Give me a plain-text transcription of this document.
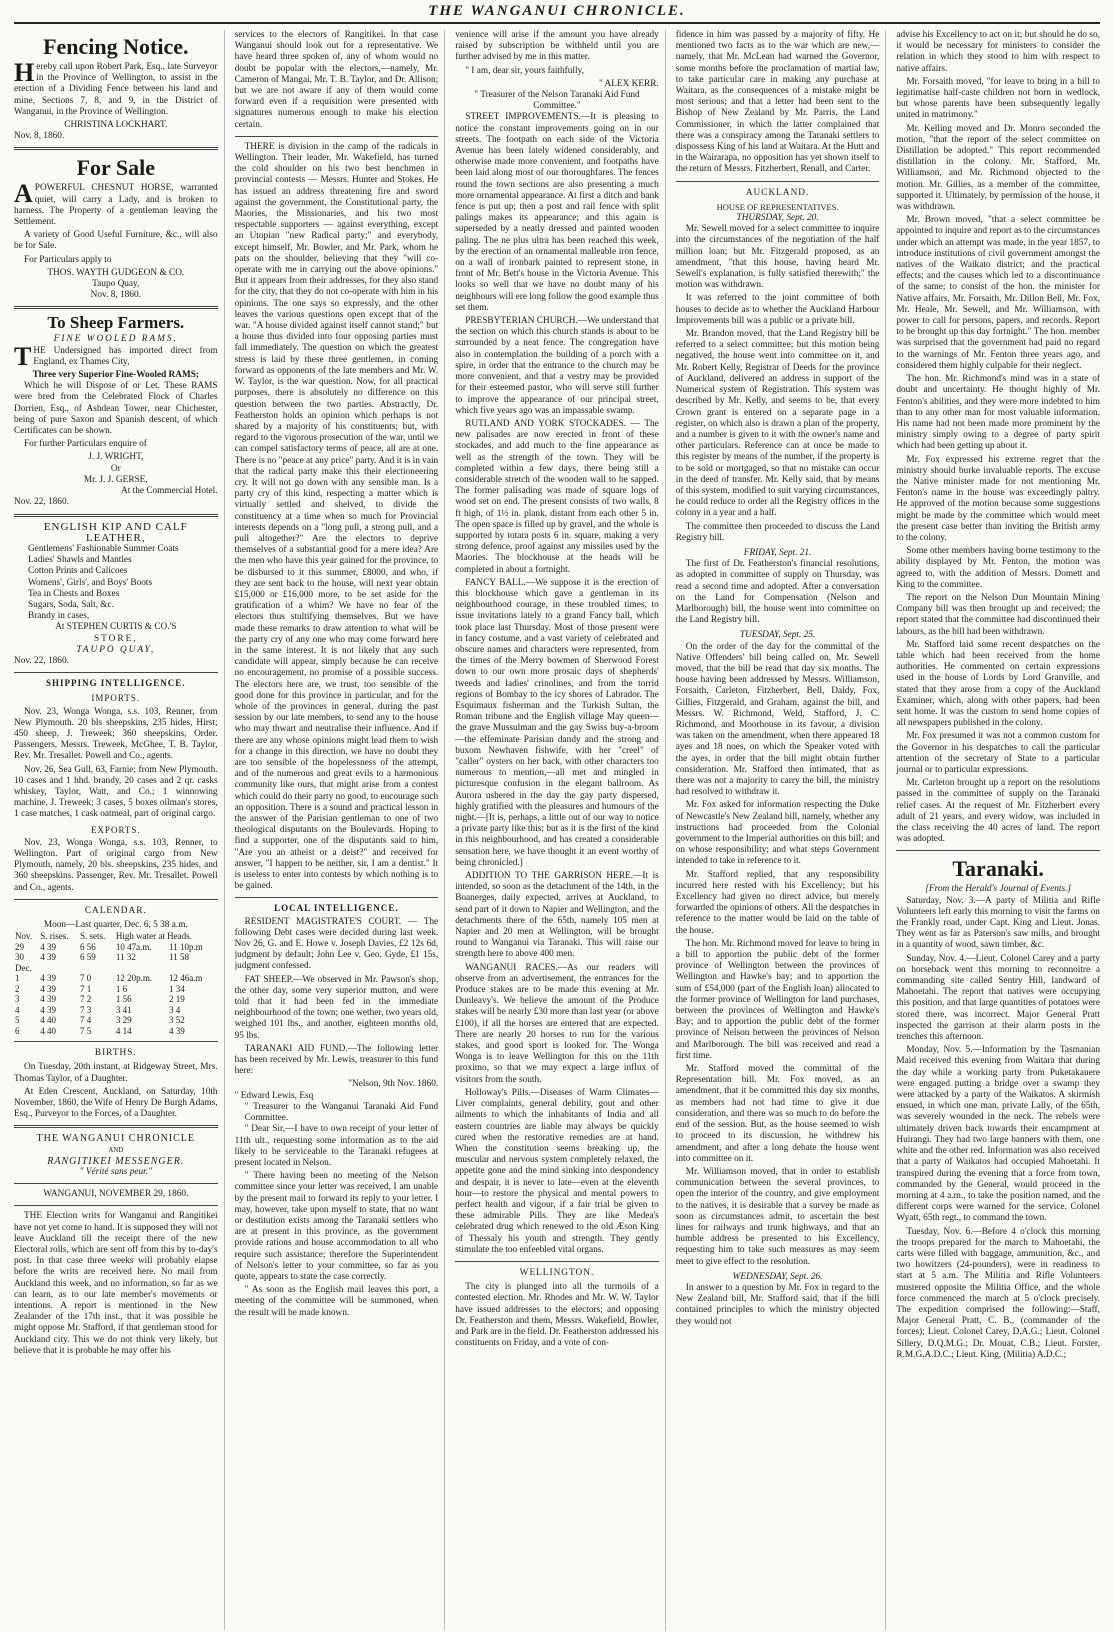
THE WANGANUI CHRONICLE.
Fencing Notice.

Hereby call upon Robert Park, Esq., late Surveyor in the Province of Wellington, to assist in the erection of a Dividing Fence between his land and mine, Sections 7, 8, and 9, in the District of Wanganui, in the Province of Wellington.

CHRISTINA LOCKHART.
Nov. 8, 1860.
For Sale

APOWERFUL CHESNUT HORSE, warranted quiet, will carry a Lady, and is broken to harness. The Property of a gentleman leaving the Settlement.

A variety of Good Useful Furniture, &c., will also be for Sale.

For Particulars apply to

THOS. WAYTH GUDGEON & CO.
Taupo Quay,
Nov. 8, 1860.
To Sheep Farmers.
FINE WOOLED RAMS.

THE Undersigned has imported direct from England, ex Thames City,

Three very Superior Fine-Wooled RAMS;

Which he will Dispose of or Let. These RAMS were bred from the Celebrated Flock of Charles Dorrien, Esq., of Ashdean Tower, near Chichester, being of pure Saxon and Spanish descent, of which Certificates can be shown.

For further Particulars enquire of

J. J. WRIGHT,
Or
Mr. J. J. GERSE,
At the Commercial Hotel.
Nov. 22, 1860.
ENGLISH KIP AND CALF LEATHER,
Gentlemens' Fashionable Summer Coats
Ladies' Shawls and Mantles
Cotton Prints and Calicoes
Womens', Girls', and Boys' Boots
Tea in Chests and Boxes
Sugars, Soda, Salt, &c.
Brandy in cases,
At STEPHEN CURTIS & CO.'S
STORE,
TAUPO QUAY,
Nov. 22, 1860.
SHIPPING INTELLIGENCE.
IMPORTS.

Nov. 23, Wonga Wonga, s.s. 103, Renner, from New Plymouth. 20 bls sheepskins, 235 hides, Hirst; 450 sheep, J. Treweek; 360 sheepskins, Order. Passengers, Messrs. Treweek, McGhee, T. B. Taylor, Rev. Mr. Tresallet. Powell and Co., agents.

Nov. 26, Sea Gull, 63, Farnie; from New Plymouth. 10 cases and 1 hhd. brandy, 20 cases and 2 qr. casks whiskey, Taylor, Watt, and Co.; 1 winnowing machine, J. Treweek; 3 cases, 5 boxes oilman's stores, 1 case matches, 1 cask oatmeal, part of original cargo.

EXPORTS.

Nov. 23, Wonga Wonga, s.s. 103, Renner, to Wellington. Part of original cargo from New Plymouth, namely, 20 bls. sheepskins, 235 hides, and 360 sheepskins. Passenger, Rev. Mr. Tresallet. Powell and Co., agents.

CALENDAR.
Moon—Last quarter, Dec. 6, 5 38 a.m.
Nov.	S. rises.	S. sets.	High water at Heads.	
29	4 39	6 56	10 47a.m.	11 10p.m
30	4 39	6 59	11 32	11 58
Dec.				
1	4 39	7 0	12 20p.m.	12 46a.m
2	4 39	7 1	1 6	1 34
3	4 39	7 2	1 56	2 19
4	4 39	7 3	3 41	3 4
5	4 40	7 4	3 29	3 52
6	4 40	7 5	4 14	4 39
BIRTHS.

On Tuesday, 20th instant, at Ridgeway Street, Mrs. Thomas Taylor, of a Daughter.

At Eden Crescent, Auckland, on Saturday, 10th November, 1860, the Wife of Henry De Burgh Adams, Esq., Purveyor to the Forces, of a Daughter.

THE WANGANUI CHRONICLE
AND
RANGITIKEI MESSENGER.
" Vérité sans peur."
WANGANUI, NOVEMBER 29, 1860.

THE Election writs for Wanganui and Rangitikei have not yet come to hand. It is supposed they will not leave Auckland till the receipt there of the new Electoral rolls, which are sent off from this by to-day's post. In that case three weeks will probably elapse before the writs are received here. No mail from Auckland this week, and no information, so far as we can learn, as to our late member's movements or intentions. A report is mentioned in the New Zealander of the 17th inst., that it was possible he might oppose Mr. Stafford, if that gentleman stood for Auckland city. This we do not think very likely, but believe that it is probable he may offer his

services to the electors of Rangitikei. In that case Wanganui should look out for a representative. We have heard three spoken of, any of whom would no doubt be popular with the electors,—namely, Mr. Cameron of Mangai, Mr. T. B. Taylor, and Dr. Allison; but we are not aware if any of them would come forward even if a requisition were presented with signatures numerous enough to make his election certain.

THERE is division in the camp of the radicals in Wellington. Their leader, Mr. Wakefield, has turned the cold shoulder on his two best henchmen in provincial contests — Messrs. Hunter and Stokes. He has issued an address threatening fire and sword against the government, the Constitutional party, the Maories, the Missionaries, and his two most respectable supporters — against everything, except an Utopian "new Radical party;" and everybody, except himself, Mr. Bowler, and Mr. Park, whom he pats on the shoulder, believing that they "will co-operate with me in carrying out the above opinions." But it appears from their addresses, for they also stand for the city, that they do not co-operate with him in his opinions. The one says so expressly, and the other leaves the various questions open except that of the war. "A house divided against itself cannot stand;" but a house thus divided into four opposing parties must fall immediately. The question on which the greatest stress is laid by these three gentlemen, in coming forward as opponents of the late members and Mr. W. W. Taylor, is the war question. Now, for all practical purposes, there is absolutely no difference on this question between the two parties. Abstractly, Dr. Featherston holds an opinion which perhaps is not shared by a majority of his constituents; but, with regard to the vigorous prosecution of the war, until we can compel satisfactory terms of peace, all are at one. There is no "peace at any price" party. And it is in vain that the radical party make this their electioneering cry. It will not go down with any sensible man. Is a party cry of this kind, respecting a matter which is virtually settled and shelved, to divide the constituency at a time when so much for Provincial interests depends on a "long pull, a strong pull, and a pull altogether?" Are the electors to deprive themselves of a substantial good for a mere idea? Are the men who have this year gained for the province, to be disbursed to it this summer, £8000, and who, if they are sent back to the house, will next year obtain £15,000 or £16,000 more, to be set aside for the gratification of a whim? We have no fear of the electors thus stultifying themselves. But we have made these remarks to draw attention to what will be the party cry of any one who may come forward here in the same interest. It is not likely that any such candidate will appear, simply because he can receive no encouragement, no promise of a possible success. The electors here are, we trust, too sensible of the good done for this province in particular, and for the whole of the provinces in general, during the past session by our late members, to send any to the house who may thwart and neutralise their influence. And if there are any whose opinions might lead them to wish for a change in this direction, we have no doubt they are too sensible of the hopelessness of the attempt, and of the numerous and great evils to a harmonious community like ours, that might arise from a contest which could do their party no good, to encourage such an opposition. There is a sound and practical lesson in the answer of the Parisian gentleman to one of two theological disputants on the Boulevards. Hoping to find a supporter, one of the disputants said to him, "Are you an atheist or a deist?" and received for answer, "I happen to be neither, sir, I am a dentist." It is useless to enter into contests by which nothing is to be gained.

LOCAL INTELLIGENCE.

RESIDENT MAGISTRATE'S COURT. — The following Debt cases were decided during last week. Nov 26, G. and E. Howe v. Joseph Davies, £2 12s 6d, judgment by default; John Lee v. Geo. Gyde, £1 15s, judgment confessed.

FAT SHEEP.—We observed in Mr. Pawson's shop, the other day, some very superior mutton, and were told that it had been fed in the immediate neighbourhood of the town; one wether, two years old, weighed 101 lbs., and another, eighteen months old, 95 lbs.

TARANAKI AID FUND.—The following letter has been received by Mr. Lewis, treasurer to this fund here:

"Nelson, 9th Nov. 1860.
" Edward Lewis, Esq
" Treasurer to the Wanganui Taranaki Aid Fund Committee.

" Dear Sir,—I have to own receipt of your letter of 11th ult., requesting some information as to the aid likely to be serviceable to the Taranaki refugees at present located in Nelson.

" There having been no meeting of the Nelson committee since your letter was received, I am unable by the present mail to forward its reply to your letter. I may, however, take upon myself to state, that no want or destitution exists among the Taranaki settlers who are at present in this province, as the government provide rations and house accommodation to all who require such assistance; therefore the Superintendent of Nelson's letter to your committee, so far as you quote, appears to state the case correctly.

" As soon as the English mail leaves this port, a meeting of the committee will be summoned, when the result will be made known.

venience will arise if the amount you have already raised by subscription be withheld until you are further advised by me in this matter.

" I am, dear sir, yours faithfully,

" ALEX KERR.
" Treasurer of the Nelson Taranaki Aid Fund Committee."

STREET IMPROVEMENTS.—It is pleasing to notice the constant improvements going on in our streets. The footpath on each side of the Victoria Avenue has been lately widened considerably, and otherwise made more convenient, and footpaths have been laid along most of our thoroughfares. The fences round the town sections are also presenting a much more ornamental appearance. At first a ditch and bank fence is put up; then a post and rail fence with split palings makes its appearance; and this again is superseded by a neatly dressed and painted wooden paling. The ne plus ultra has been reached this week, by the erection of an ornamental malleable iron fence, on a wall of ironbark painted to represent stone, in front of Mr. Bett's house in the Victoria Avenue. This looks so well that we have no doubt many of his neighbours will ere long follow the good example thus set them.

PRESBYTERIAN CHURCH.—We understand that the section on which this church stands is about to be surrounded by a neat fence. The congregation have also in contemplation the building of a porch with a spire, in order that the entrance to the church may be more convenient, and that a vestry may be provided for their esteemed pastor, who will serve still further to improve the appearance of our principal street, which five years ago was an impassable swamp.

RUTLAND AND YORK STOCKADES. — The new palisades are now erected in front of these stockades, and add much to the fine appearance as well as the strength of the town. They will be completed within a few days, there being still a considerable stretch of the wooden wall to be sapped. The former palisading was made of square logs of wood set on end. The present consists of two walls, 8 ft high, of 1½ in. plank, distant from each other 5 in. The open space is filled up by gravel, and the whole is supported by totara posts 6 in. square, making a very strong defence, proof against any missiles used by the Maories. The blockhouse at the heads will be completed in about a fortnight.

FANCY BALL.—We suppose it is the erection of this blockhouse which gave a gentleman in its neighbourhood courage, in these troubled times, to issue invitations lately to a grand Fancy ball, which took place last Thursday. Most of those present were in fancy costume, and a vast variety of celebrated and obscure names and characters were represented, from the times of the Merry bowmen of Sherwood Forest down to our own more prosaic days of shepherds' tweeds and ladies' crinolines, and from the torrid regions of Bombay to the icy shores of Labrador. The Esquimaux fisherman and the Turkish Sultan, the Roman tribune and the English village May queen—the grave Mussulman and the gay Swiss buy-a-broom—the effeminate Parisian dandy and the strong and buxom Newhaven fishwife, with her "creel" of "caller" oysters on her back, with other characters too numerous to mention,—all met and mingled in picturesque confusion in the elegant ballroom. As Aurora ushered in the day the gay party dispersed, highly gratified with the pleasures and humours of the night.—[It is, perhaps, a little out of our way to notice a private party like this; but as it is the first of the kind in this neighbourhood, and has created a considerable sensation here, we have thought it an event worthy of being chronicled.]

ADDITION TO THE GARRISON HERE.—It is intended, so soon as the detachment of the 14th, in the Boanerges, daily expected, arrives at Auckland, to send part of it down to Napier and Wellington, and the detachments there of the 65th, namely 105 men at Napier and 20 men at Wellington, will be brought round to Wanganui via Taranaki. This will raise our strength here to above 400 men.

WANGANUI RACES.—As our readers will observe from an advertisement, the entrances for the Produce stakes are to be made this evening at Mr. Dunleavy's. We believe the amount of the Produce stakes will be nearly £30 more than last year (or above £100), if all the horses are entered that are expected. There are nearly 20 horses to run for the various stakes, and good sport is looked for. The Wonga Wonga is to leave Wellington for this on the 11th proximo, so that we may expect a large influx of visitors from the south.

Holloway's Pills.—Diseases of Warm Climates—Liver complaints, general debility, gout and other ailments to which the inhabitants of India and all eastern countries are liable may always be quickly cured when the restorative remedies are at hand. When the constitution seems breaking up, the muscular and nervous system completely relaxed, the appetite gone and the mind sinking into despondency and despair, it is never to late—even at the eleventh hour—to restore the physical and mental powers to perfect health and vigour, if a fair trial be given to these admirable Pills. They are like Medea's celebrated drug which renewed to the old Æson King of Thessaly his youth and strength. They gently stimulate the too enfeebled vital organs.

WELLINGTON.

The city is plunged into all the turmoils of a contested election. Mr. Rhodes and Mr. W. W. Taylor have issued addresses to the electors; and opposing Dr. Featherston and them, Messrs. Wakefield, Bowler, and Park are in the field. Dr. Featherston addressed his constituents on Friday, and a vote of con-

fidence in him was passed by a majority of fifty. He mentioned two facts as to the war which are new,—namely, that Mr. McLean had warned the Governor, some months before the proclamation of martial law, to take particular care in making any purchase at Waitara, as the consequences of a mistake might be most serious; and that a letter had been sent to the Bishop of New Zealand by Mr. Parris, the Land Commissioner, in which the latter complained that there was a conspiracy among the Taranaki settlers to dispossess King of his land at Waitara. At the Hutt and in the Wairarapa, no opposition has yet shown itself to the return of Messrs. Fitzherbert, Renall, and Carter.

AUCKLAND.
HOUSE OF REPRESENTATIVES.
THURSDAY, Sept. 20.

Mr. Sewell moved for a select committee to inquire into the circumstances of the negotiation of the half million loan; but Mr. Fitzgerald proposed, as an amendment, "that this house, having heard Mr. Sewell's explanation, is fully satisfied therewith;" the motion was withdrawn.

It was referred to the joint committee of both houses to decide as to whether the Auckland Harbour Improvements bill was a public or a private bill.

Mr. Brandon moved, that the Land Registry bill be referred to a select committee; but this motion being negatived, the house went into committee on it, and Mr. Robert Kelly, Registrar of Deeds for the province of Auckland, delivered an address in support of the Numerical system of Registration. This system was described by Mr. Kelly, and seems to be, that every Crown grant is entered on a separate page in a register, on which also is drawn a plan of the property, and a number is given to it with the owner's name and other particulars. Reference can at once be made to this register by means of the number, if the property is to be sold or mortgaged, so that no mistake can occur in the deed of transfer. Mr. Kelly said, that by means of this system, modified to suit varying circumstances, he could reduce to order all the Registry offices in the colony in a year and a half.

The committee then proceeded to discuss the Land Registry bill.

FRIDAY, Sept. 21.

The first of Dr. Featherston's financial resolutions, as adopted in committee of supply on Thursday, was read a second time and adopted. After a conversation on the Land for Compensation (Nelson and Marlborough) bill, the house went into committee on the Land Registry bill.

TUESDAY, Sept. 25.

On the order of the day for the committal of the Native Offenders' bill being called on, Mr. Sewell moved, that the bill be read that day six months. The house having been addressed by Messrs. Williamson, Forsaith, Carleton, Fitzherbert, Bell, Daldy, Fox, Gillies, Fitzgerald, and Graham, against the bill, and Messrs. W. Richmond, Weld, Stafford, J. C. Richmond, and Moorhouse in its favour, a division was taken on the amendment, when there appeared 18 ayes and 18 noes, on which the Speaker voted with the ayes, in order that the bill might obtain further consideration. Mr. Stafford then intimated, that as there was not a majority to carry the bill, the ministry had resolved to withdraw it.

Mr. Fox asked for information respecting the Duke of Newcastle's New Zealand bill, namely, whether any instructions had proceeded from the Colonial government to the Imperial authorities on this bill; and on whose responsibility; and what steps Government intended to take in reference to it.

Mr. Stafford replied, that any responsibility incurred here rested with his Excellency; but his Excellency had given no direct advice, but merely forwarded the opinions of others. All the despatches in reference to the matter would be laid on the table of the house.

The hon. Mr. Richmond moved for leave to bring in a bill to apportion the public debt of the former province of Wellington between the provinces of Wellington and Hawke's bay; and to apportion the sum of £54,000 (part of the English loan) allocated to the former province of Wellington for land purchases, between the provinces of Wellington and Hawke's Bay; and to apportion the public debt of the former province of Nelson between the provinces of Nelson and Marlborough. The bill was received and read a first time.

Mr. Stafford moved the committal of the Representation bill. Mr. Fox moved, as an amendment, that it be committed this day six months, as members had not had time to give it due consideration, and there was so much to do before the end of the session. But, as the house seemed to wish to proceed to its discussion, he withdrew his amendment, and after a long debate the house went into committee on it.

Mr. Williamson moved, that in order to establish communication between the several provinces, to open the interior of the country, and give employment to the natives, it is desirable that a survey be made as soon as circumstances admit, to ascertain the best lines for railways and trunk highways, and that an humble address be presented to his Excellency, requesting him to take such measures as may seem meet to give effect to the resolution.

WEDNESDAY, Sept. 26.

In answer to a question by Mr. Fox in regard to the New Zealand bill, Mr. Stafford said, that if the bill contained principles to which the ministry objected they would not

advise his Excellency to act on it; but should he do so, it would be necessary for ministers to consider the relation in which they stood to him with respect to native affairs.

Mr. Forsaith moved, "for leave to bring in a bill to legitimatise half-caste children not born in wedlock, but whose parents have been subsequently legally united in matrimony."

Mr. Kelling moved and Dr. Monro seconded the motion, "that the report of the select committee on Distillation be adopted." This report recommended distillation in the colony. Mr. Stafford, Mr. Williamson, and Mr. Richmond objected to the motion. Mr. Gillies, as a member of the committee, supported it. Ultimately, by permission of the house, it was withdrawn.

Mr. Brown moved, "that a select committee be appointed to inquire and report as to the circumstances under which an attempt was made, in the year 1857, to introduce institutions of civil government amongst the natives of the Waikato district; and the practical effects; and the causes which led to a discontinuance of the same; to consist of the hon. the minister for Native affairs, Mr. Forsaith, Mr. Dillon Bell, Mr. Fox, Mr. Heale, Mr. Sewell, and Mr. Williamson, with power to call for persons, papers, and records. Report to be brought up this day fortnight." The hon. member was surprised that the government had paid no regard to the warnings of Mr. Fenton three years ago, and considered them highly culpable for their neglect.

The hon. Mr. Richmond's mind was in a state of doubt and uncertainty. He thought highly of Mr. Fenton's abilities, and they were more indebted to him than to any other man for most valuable information. His name had not been made more prominent by the ministry simply owing to a degree of party spirit which had been getting up about it.

Mr. Fox expressed his extreme regret that the ministry should burke invaluable reports. The excuse the Native minister made for not mentioning Mr. Fenton's name in the house was exceedingly paltry. He approved of the motion because some suggestions might be made by the committee which would meet the present case better than inviting the British army to the colony.

Some other members having borne testimony to the ability displayed by Mr. Fenton, the motion was agreed to, with the addition of Messrs. Domett and King to the committee.

The report on the Nelson Dun Mountain Mining Company bill was then brought up and received; the report stated that the committee had discontinued their labours, as the bill had been withdrawn.

Mr. Stafford laid some recent despatches on the table which had been received from the home authorities. He commented on certain expressions used in the house of Lords by Lord Granville, and stated that they arose from a copy of the Auckland Examiner, which, along with other papers, had been sent home. It was the custom to send home copies of all newspapers published in the colony.

Mr. Fox presumed it was not a common custom for the Governor in his despatches to call the particular attention of the secretary of State to a particular journal or to particular expressions.

Mr. Carleton brought up a report on the resolutions passed in the committee of supply on the Taranaki relief cases. At the request of Mr. Fitzherbert every adult of 21 years, and every widow, was included in the class receiving the 40 acres of land. The report was adopted.

Taranaki.
[From the Herald's Journal of Events.]

Saturday, Nov. 3.—A party of Militia and Rifle Volunteers left early this morning to visit the farms on the Frankly road, under Capt. King and Lieut. Jonas. They went as far as Paterson's saw mills, and brought in a quantity of wood, sawn timber, &c.

Sunday, Nov. 4.—Lieut. Colonel Carey and a party on horseback went this morning to reconnoitre a commanding site called Sentry Hill, landward of Mahoetahi. The report that natives were occupying this position, and that large quantities of potatoes were stored there, was incorrect. Major General Pratt inspected the garrison at their alarm posts in the trenches this afternoon.

Monday, Nov. 5.—Information by the Tasmanian Maid received this evening from Waitara that during the day while a working party from Puketakauere were engaged putting a bridge over a swamp they were attacked by a party of the Waikatos. A skirmish ensued, in which one man, private Lally, of the 65th, was severely wounded in the neck. The rebels were ultimately driven back towards their encampment at Huirangi. They had two large banners with them, one white and the other red. Information was also received that a party of Waikatos had occupied Mahoetahi. It transpired during the evening that a force from town, commanded by the General, would proceed in the morning at 4 a.m., to take the position named, and the different corps were warned for the service. Colonel Wyatt, 65th regt., to command the town.

Tuesday, Nov. 6.—Before 4 o'clock this morning the troops prepared for the march to Mahoetahi, the carts were filled with baggage, ammunition, &c., and two howitzers (24-pounders), were in readiness to start at 5 a.m. The Militia and Rifle Volunteers mustered opposite the Militia Office, and the whole force commenced the march at 5 o'clock precisely. The expedition comprised the following:—Staff, Major General Pratt, C. B., (commander of the forces); Lieut. Colonel Carey, D.A.G.; Lieut. Colonel Sillery, D.Q.M.G.; Dr. Mouat, C.B.; Lieut. Forster, R.M.G.A.D.C.; Lieut. King, (Militia) A.D.C.;
